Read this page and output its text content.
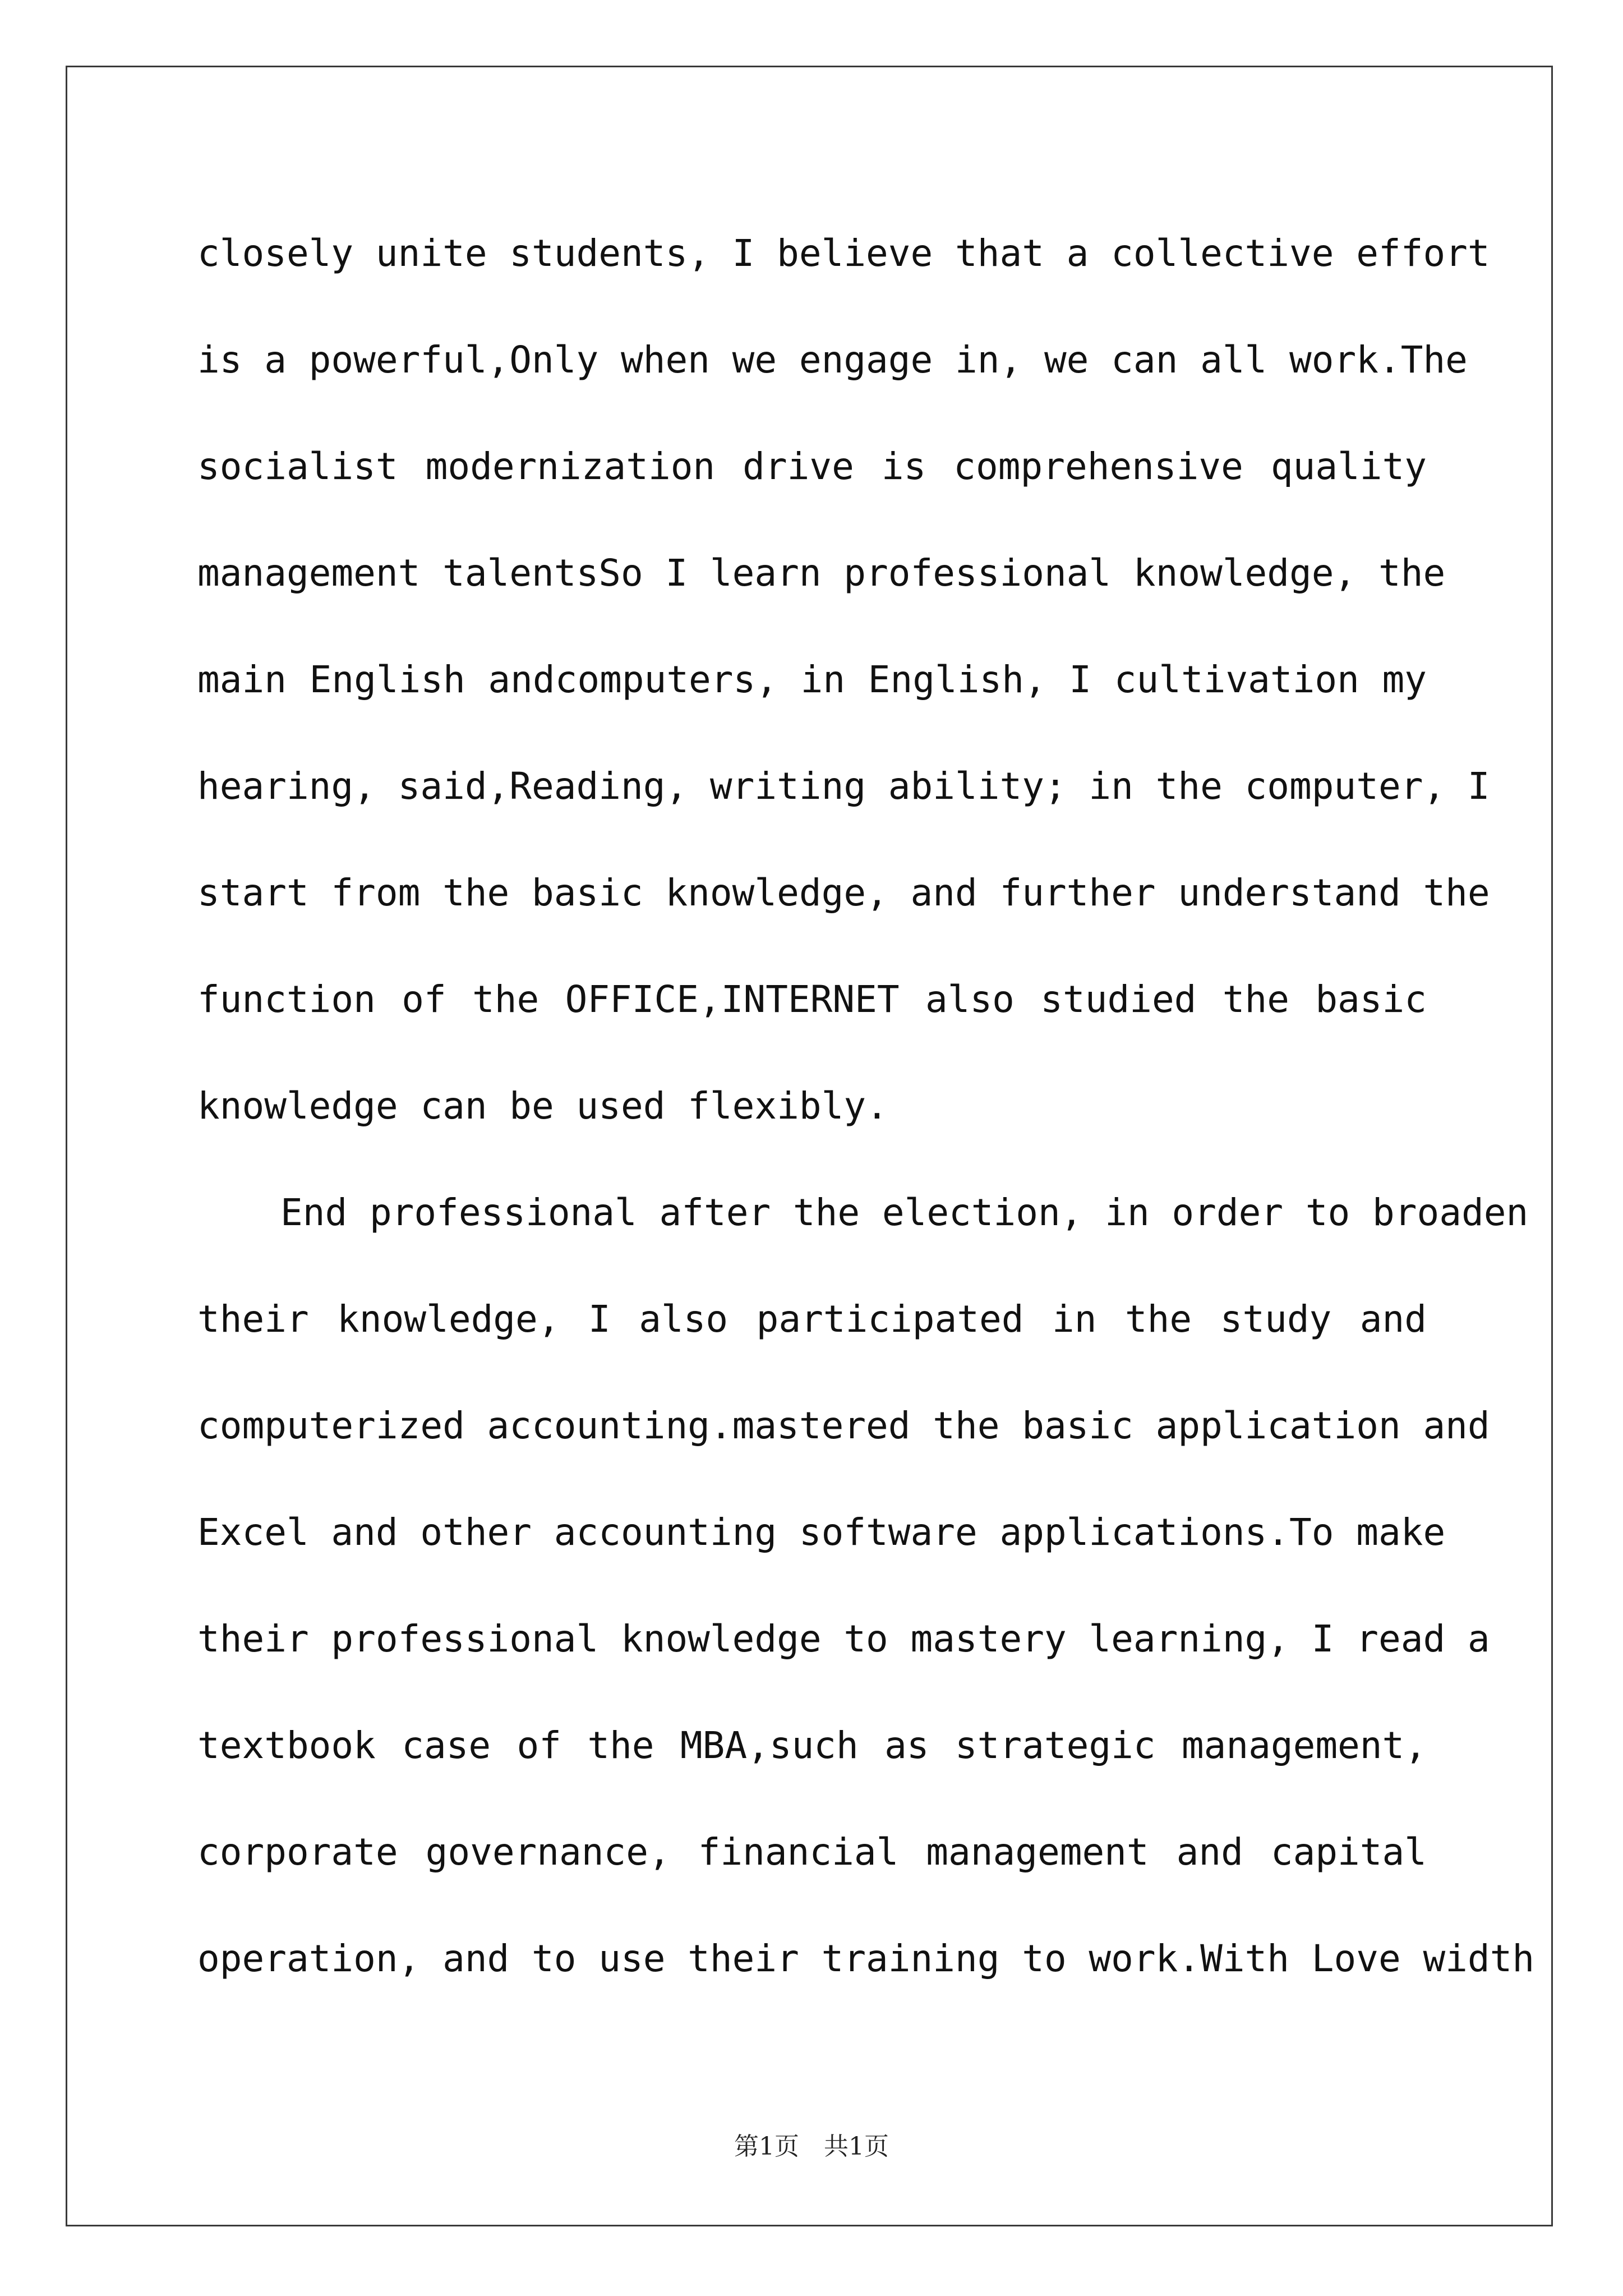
closely unite students, I believe that a collective effort
is a powerful,Only when we engage in, we can all work.The
socialist modernization drive is comprehensive quality
management talentsSo I learn professional knowledge, the
main English andcomputers, in English, I cultivation my
hearing, said,Reading, writing ability; in the computer, I
start from the basic knowledge, and further understand the
function of the OFFICE,INTERNET also studied the basic
knowledge can be used flexibly.
End professional after the election, in order to broaden
their knowledge, I also participated in the study and
computerized accounting.mastered the basic application and
Excel and other accounting software applications.To make
their professional knowledge to mastery learning, I read a
textbook case of the MBA,such as strategic management,
corporate governance, financial management and capital
operation, and to use their training to work.With Love width
第1页　共1页
